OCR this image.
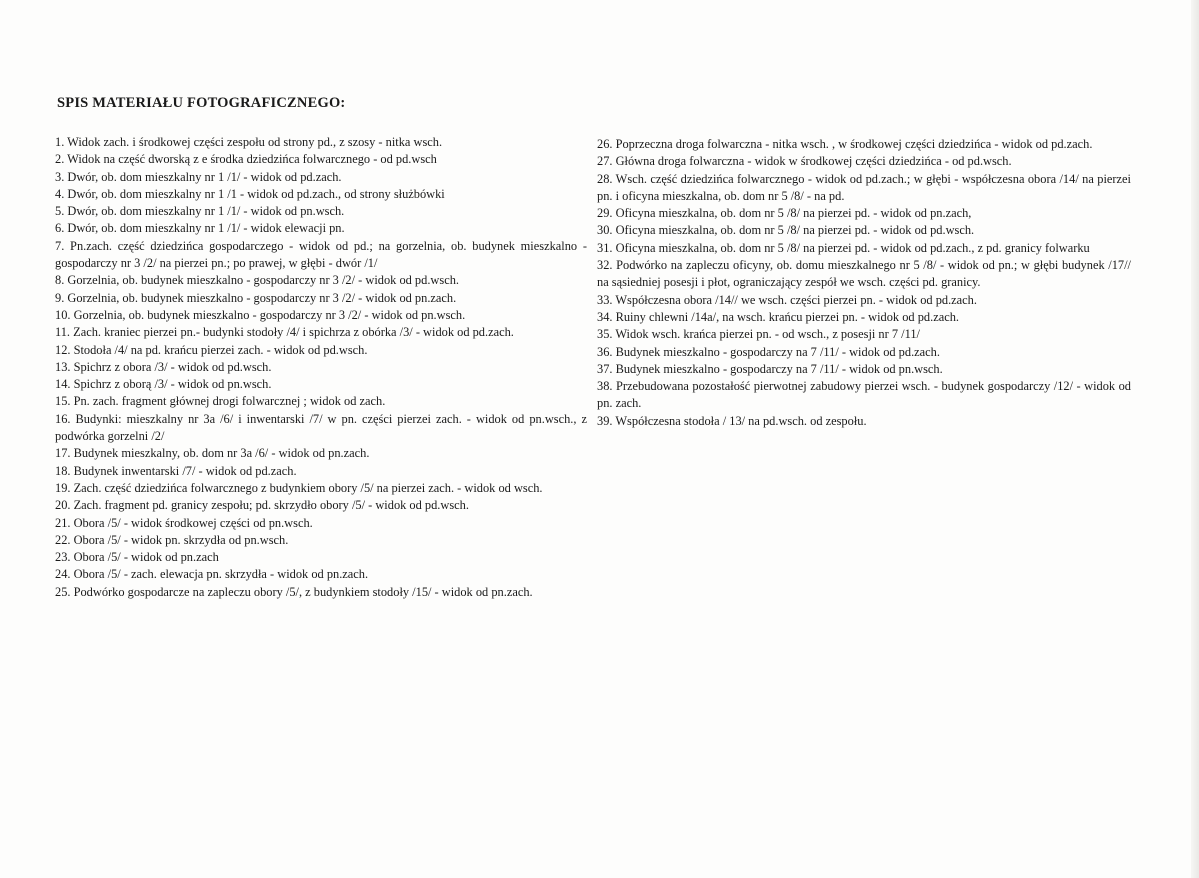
SPIS MATERIAŁU FOTOGRAFICZNEGO:

1. Widok zach. i środkowej części zespołu od strony pd., z szosy - nitka wsch.

2. Widok na część dworską z e środka dziedzińca folwarcznego - od pd.wsch

3. Dwór, ob. dom mieszkalny nr 1 /1/ - widok od pd.zach.

4. Dwór, ob. dom mieszkalny nr 1 /1 - widok od pd.zach., od strony służbówki

5. Dwór, ob. dom mieszkalny nr 1 /1/ - widok od pn.wsch.

6. Dwór, ob. dom mieszkalny nr 1 /1/ - widok elewacji pn.

7. Pn.zach. część dziedzińca gospodarczego - widok od pd.; na gorzelnia, ob. budynek mieszkalno - gospodarczy nr 3 /2/ na pierzei pn.; po prawej, w głębi - dwór /1/

8. Gorzelnia, ob. budynek mieszkalno - gospodarczy nr 3 /2/ - widok od pd.wsch.

9. Gorzelnia, ob. budynek mieszkalno - gospodarczy nr 3 /2/ - widok od pn.zach.

10. Gorzelnia, ob. budynek mieszkalno - gospodarczy nr 3 /2/ - widok od pn.wsch.

11. Zach. kraniec pierzei pn.- budynki stodoły /4/ i spichrza z obórka /3/ - widok od pd.zach.

12. Stodoła /4/ na pd. krańcu pierzei zach. - widok od pd.wsch.

13. Spichrz z obora /3/ - widok od pd.wsch.

14. Spichrz z oborą /3/ - widok od pn.wsch.

15. Pn. zach. fragment głównej drogi folwarcznej ; widok od zach.

16. Budynki: mieszkalny nr 3a /6/ i inwentarski /7/ w pn. części pierzei zach. - widok od pn.wsch., z podwórka gorzelni /2/

17. Budynek mieszkalny, ob. dom nr 3a /6/ - widok od pn.zach.

18. Budynek inwentarski /7/ - widok od pd.zach.

19. Zach. część dziedzińca folwarcznego z budynkiem obory /5/ na pierzei zach. - widok od wsch.

20. Zach. fragment pd. granicy zespołu; pd. skrzydło obory /5/ - widok od pd.wsch.

21. Obora /5/ - widok środkowej części od pn.wsch.

22. Obora /5/ - widok pn. skrzydła od pn.wsch.

23. Obora /5/ - widok od pn.zach

24. Obora /5/ - zach. elewacja pn. skrzydła - widok od pn.zach.

25. Podwórko gospodarcze na zapleczu obory /5/, z budynkiem stodoły /15/ - widok od pn.zach.

26. Poprzeczna droga folwarczna - nitka wsch. , w środkowej części dziedzińca - widok od pd.zach.

27. Główna droga folwarczna - widok w środkowej części dziedzińca - od pd.wsch.

28. Wsch. część dziedzińca folwarcznego - widok od pd.zach.; w głębi - współczesna obora /14/ na pierzei pn. i oficyna mieszkalna, ob. dom nr 5 /8/ - na pd.

29. Oficyna mieszkalna, ob. dom nr 5 /8/ na pierzei pd. - widok od pn.zach,

30. Oficyna mieszkalna, ob. dom nr 5 /8/ na pierzei pd. - widok od pd.wsch.

31. Oficyna mieszkalna, ob. dom nr 5 /8/ na pierzei pd. - widok od pd.zach., z pd. granicy folwarku

32. Podwórko na zapleczu oficyny, ob. domu mieszkalnego nr 5 /8/ - widok od pn.; w głębi budynek /17// na sąsiedniej posesji i płot, ograniczający zespół we wsch. części pd. granicy.

33. Współczesna obora /14// we wsch. części pierzei pn. - widok od pd.zach.

34. Ruiny chlewni /14a/, na wsch. krańcu pierzei pn. - widok od pd.zach.

35. Widok wsch. krańca pierzei pn. - od wsch., z posesji nr 7 /11/

36. Budynek mieszkalno - gospodarczy na 7 /11/ - widok od pd.zach.

37. Budynek mieszkalno - gospodarczy na 7 /11/ - widok od pn.wsch.

38. Przebudowana pozostałość pierwotnej zabudowy pierzei wsch. - budynek gospodarczy /12/ - widok od pn. zach.

39. Współczesna stodoła / 13/ na pd.wsch. od zespołu.
